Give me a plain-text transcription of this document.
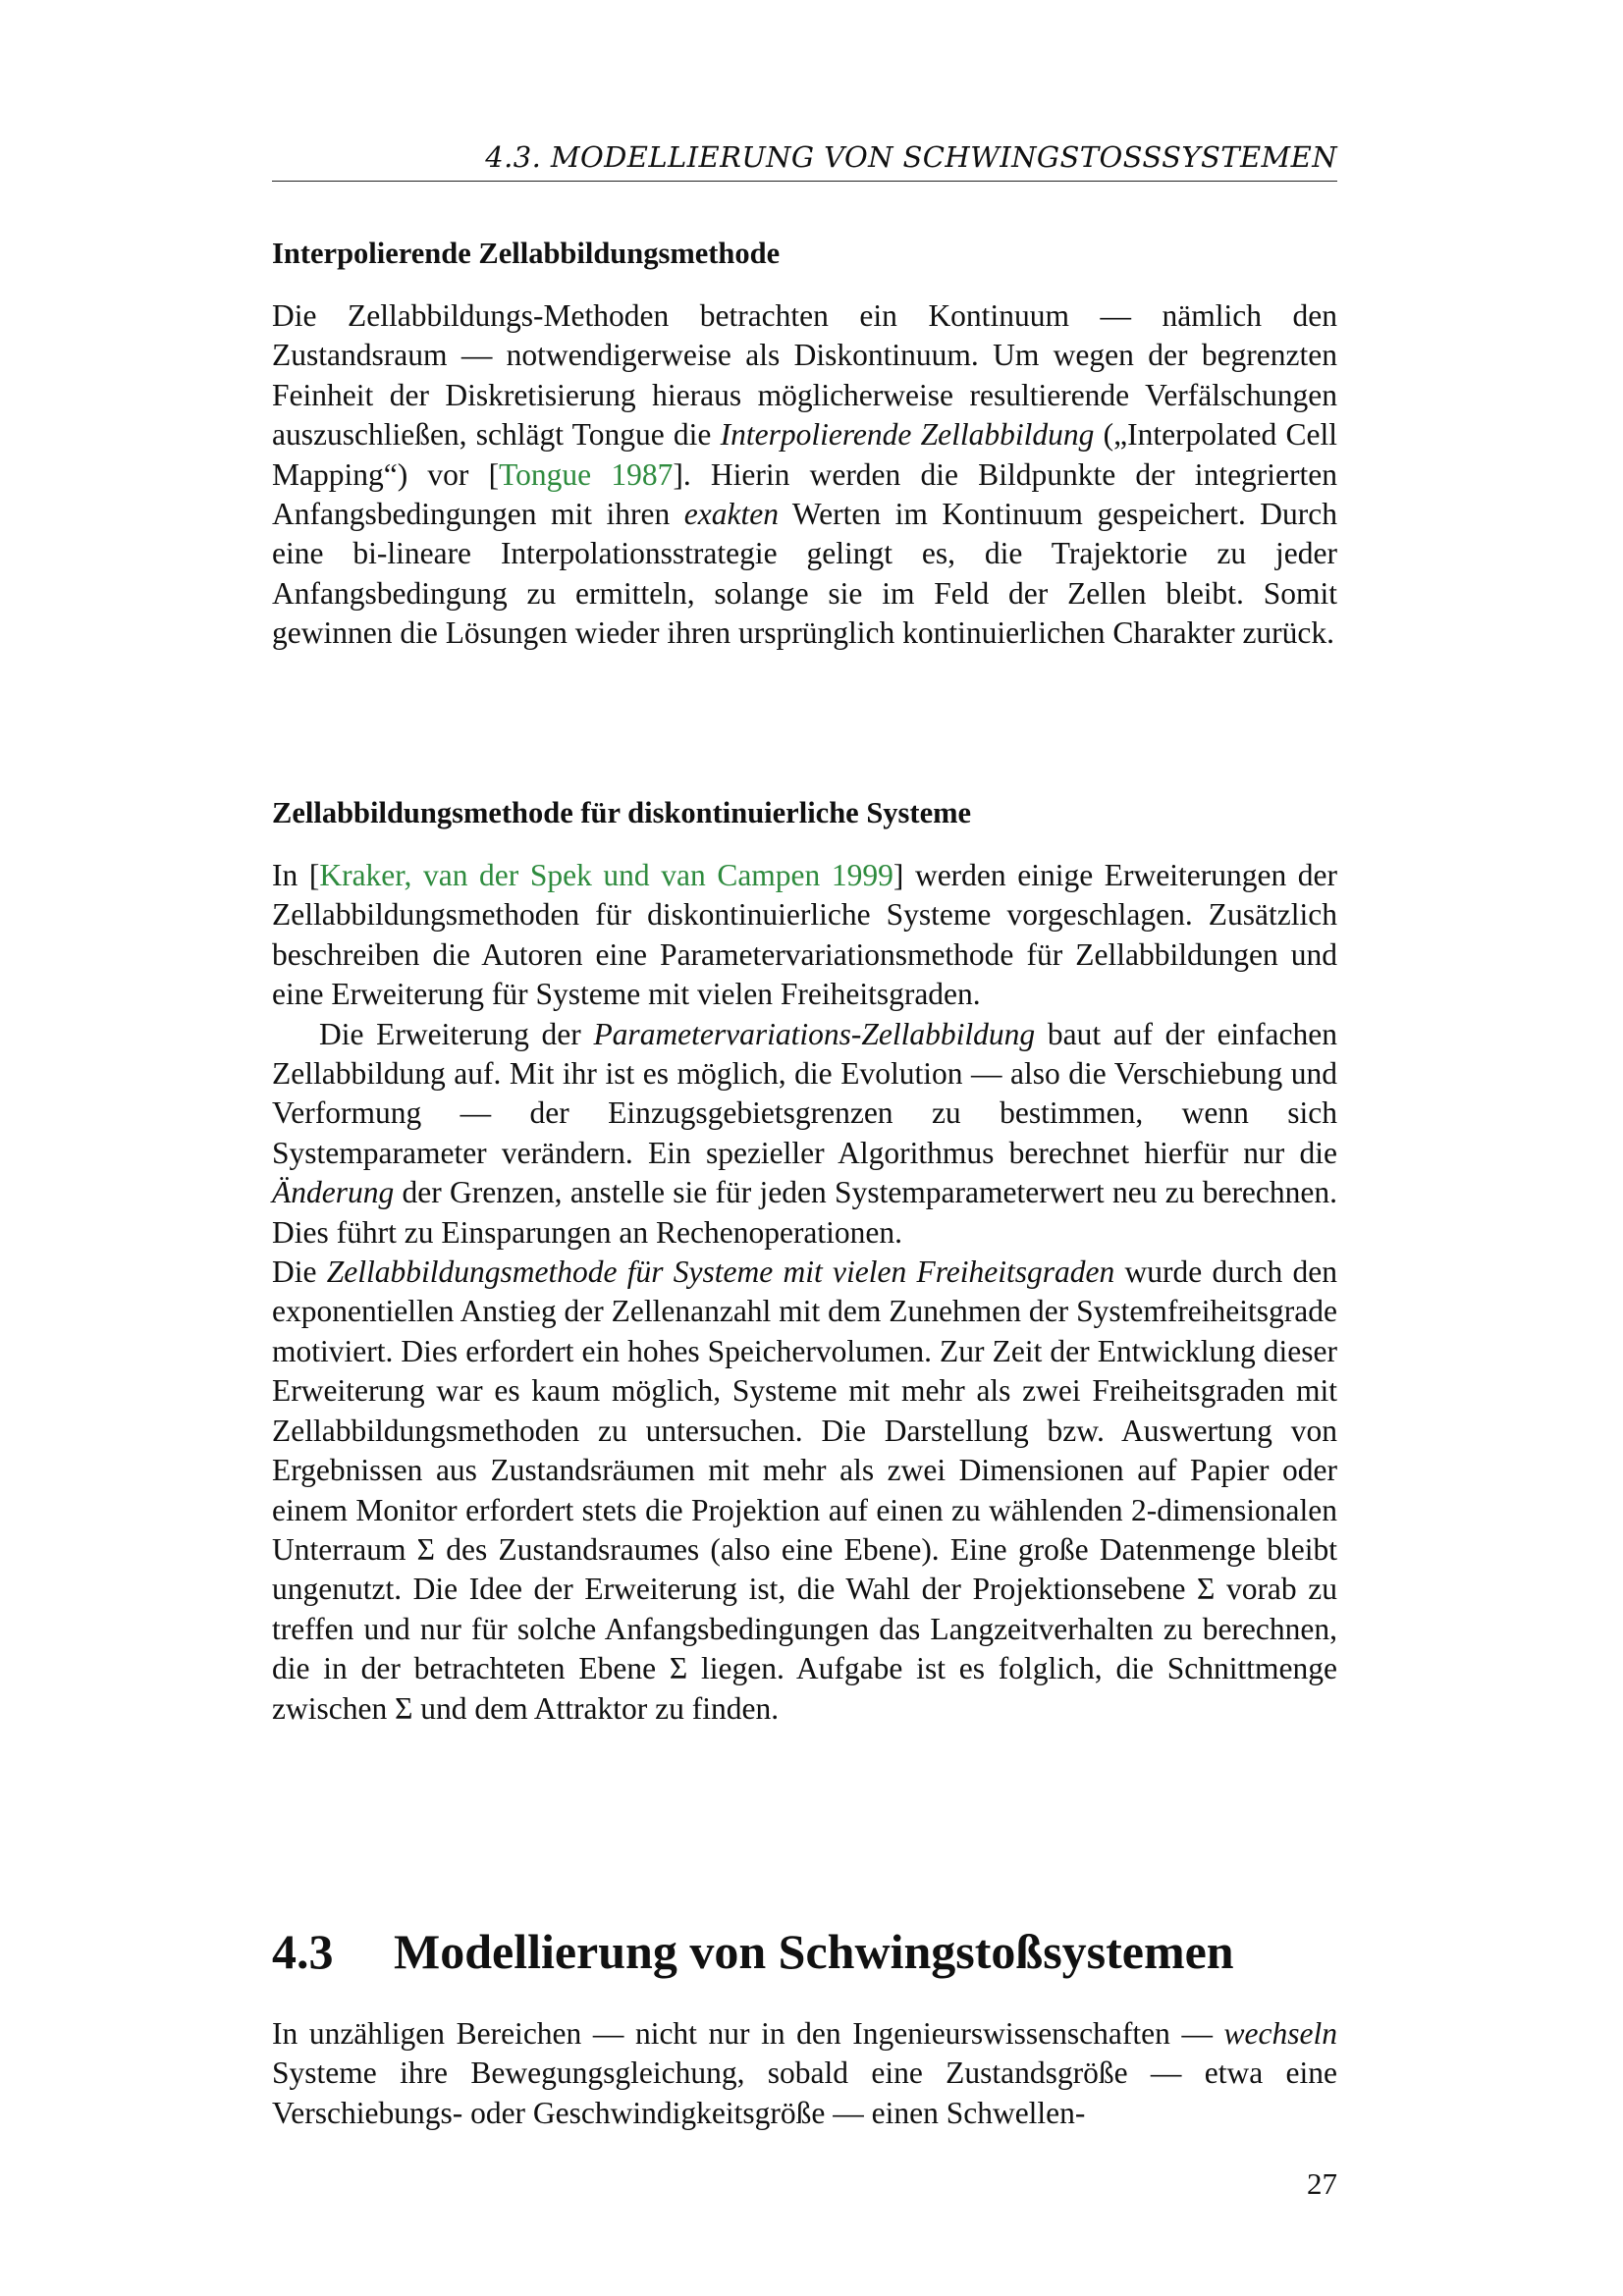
4.3. MODELLIERUNG VON SCHWINGSTOSSSYSTEMEN
Interpolierende Zellabbildungsmethode

Die Zellabbildungs-Methoden betrachten ein Kontinuum — nämlich den Zustandsraum — notwendigerweise als Diskontinuum. Um wegen der begrenzten Feinheit der Diskretisierung hieraus möglicherweise resultierende Verfälschungen auszuschließen, schlägt Tongue die Interpolierende Zellabbildung („Interpolated Cell Mapping“) vor [Tongue 1987]. Hierin werden die Bildpunkte der integrierten Anfangsbedingungen mit ihren exakten Werten im Kontinuum gespeichert. Durch eine bi-lineare Interpolationsstrategie gelingt es, die Trajektorie zu jeder Anfangsbedingung zu ermitteln, solange sie im Feld der Zellen bleibt. Somit gewinnen die Lösungen wieder ihren ursprünglich kontinuierlichen Charakter zurück.

Zellabbildungsmethode für diskontinuierliche Systeme

In [Kraker, van der Spek und van Campen 1999] werden einige Erweiterungen der Zellabbildungsmethoden für diskontinuierliche Systeme vorgeschlagen. Zusätzlich beschreiben die Autoren eine Parametervariationsmethode für Zellabbildungen und eine Erweiterung für Systeme mit vielen Freiheitsgraden.

Die Erweiterung der Parametervariations-Zellabbildung baut auf der einfachen Zellabbildung auf. Mit ihr ist es möglich, die Evolution — also die Verschiebung und Verformung — der Einzugsgebietsgrenzen zu bestimmen, wenn sich Systemparameter verändern. Ein spezieller Algorithmus berechnet hierfür nur die Änderung der Grenzen, anstelle sie für jeden Systemparameterwert neu zu berechnen. Dies führt zu Einsparungen an Rechenoperationen.

Die Zellabbildungsmethode für Systeme mit vielen Freiheitsgraden wurde durch den exponentiellen Anstieg der Zellenanzahl mit dem Zunehmen der Systemfreiheitsgrade motiviert. Dies erfordert ein hohes Speichervolumen. Zur Zeit der Entwicklung dieser Erweiterung war es kaum möglich, Systeme mit mehr als zwei Freiheitsgraden mit Zellabbildungsmethoden zu untersuchen. Die Darstellung bzw. Auswertung von Ergebnissen aus Zustandsräumen mit mehr als zwei Dimensionen auf Papier oder einem Monitor erfordert stets die Projektion auf einen zu wählenden 2-dimensionalen Unterraum Σ des Zustandsraumes (also eine Ebene). Eine große Datenmenge bleibt ungenutzt. Die Idee der Erweiterung ist, die Wahl der Projektionsebene Σ vorab zu treffen und nur für solche Anfangsbedingungen das Langzeitverhalten zu berechnen, die in der betrachteten Ebene Σ liegen. Aufgabe ist es folglich, die Schnittmenge zwischen Σ und dem Attraktor zu finden.

4.3 Modellierung von Schwingstoßsystemen

In unzähligen Bereichen — nicht nur in den Ingenieurswissenschaften — wechseln Systeme ihre Bewegungsgleichung, sobald eine Zustandsgröße — etwa eine Verschiebungs- oder Geschwindigkeitsgröße — einen Schwellen-

27
